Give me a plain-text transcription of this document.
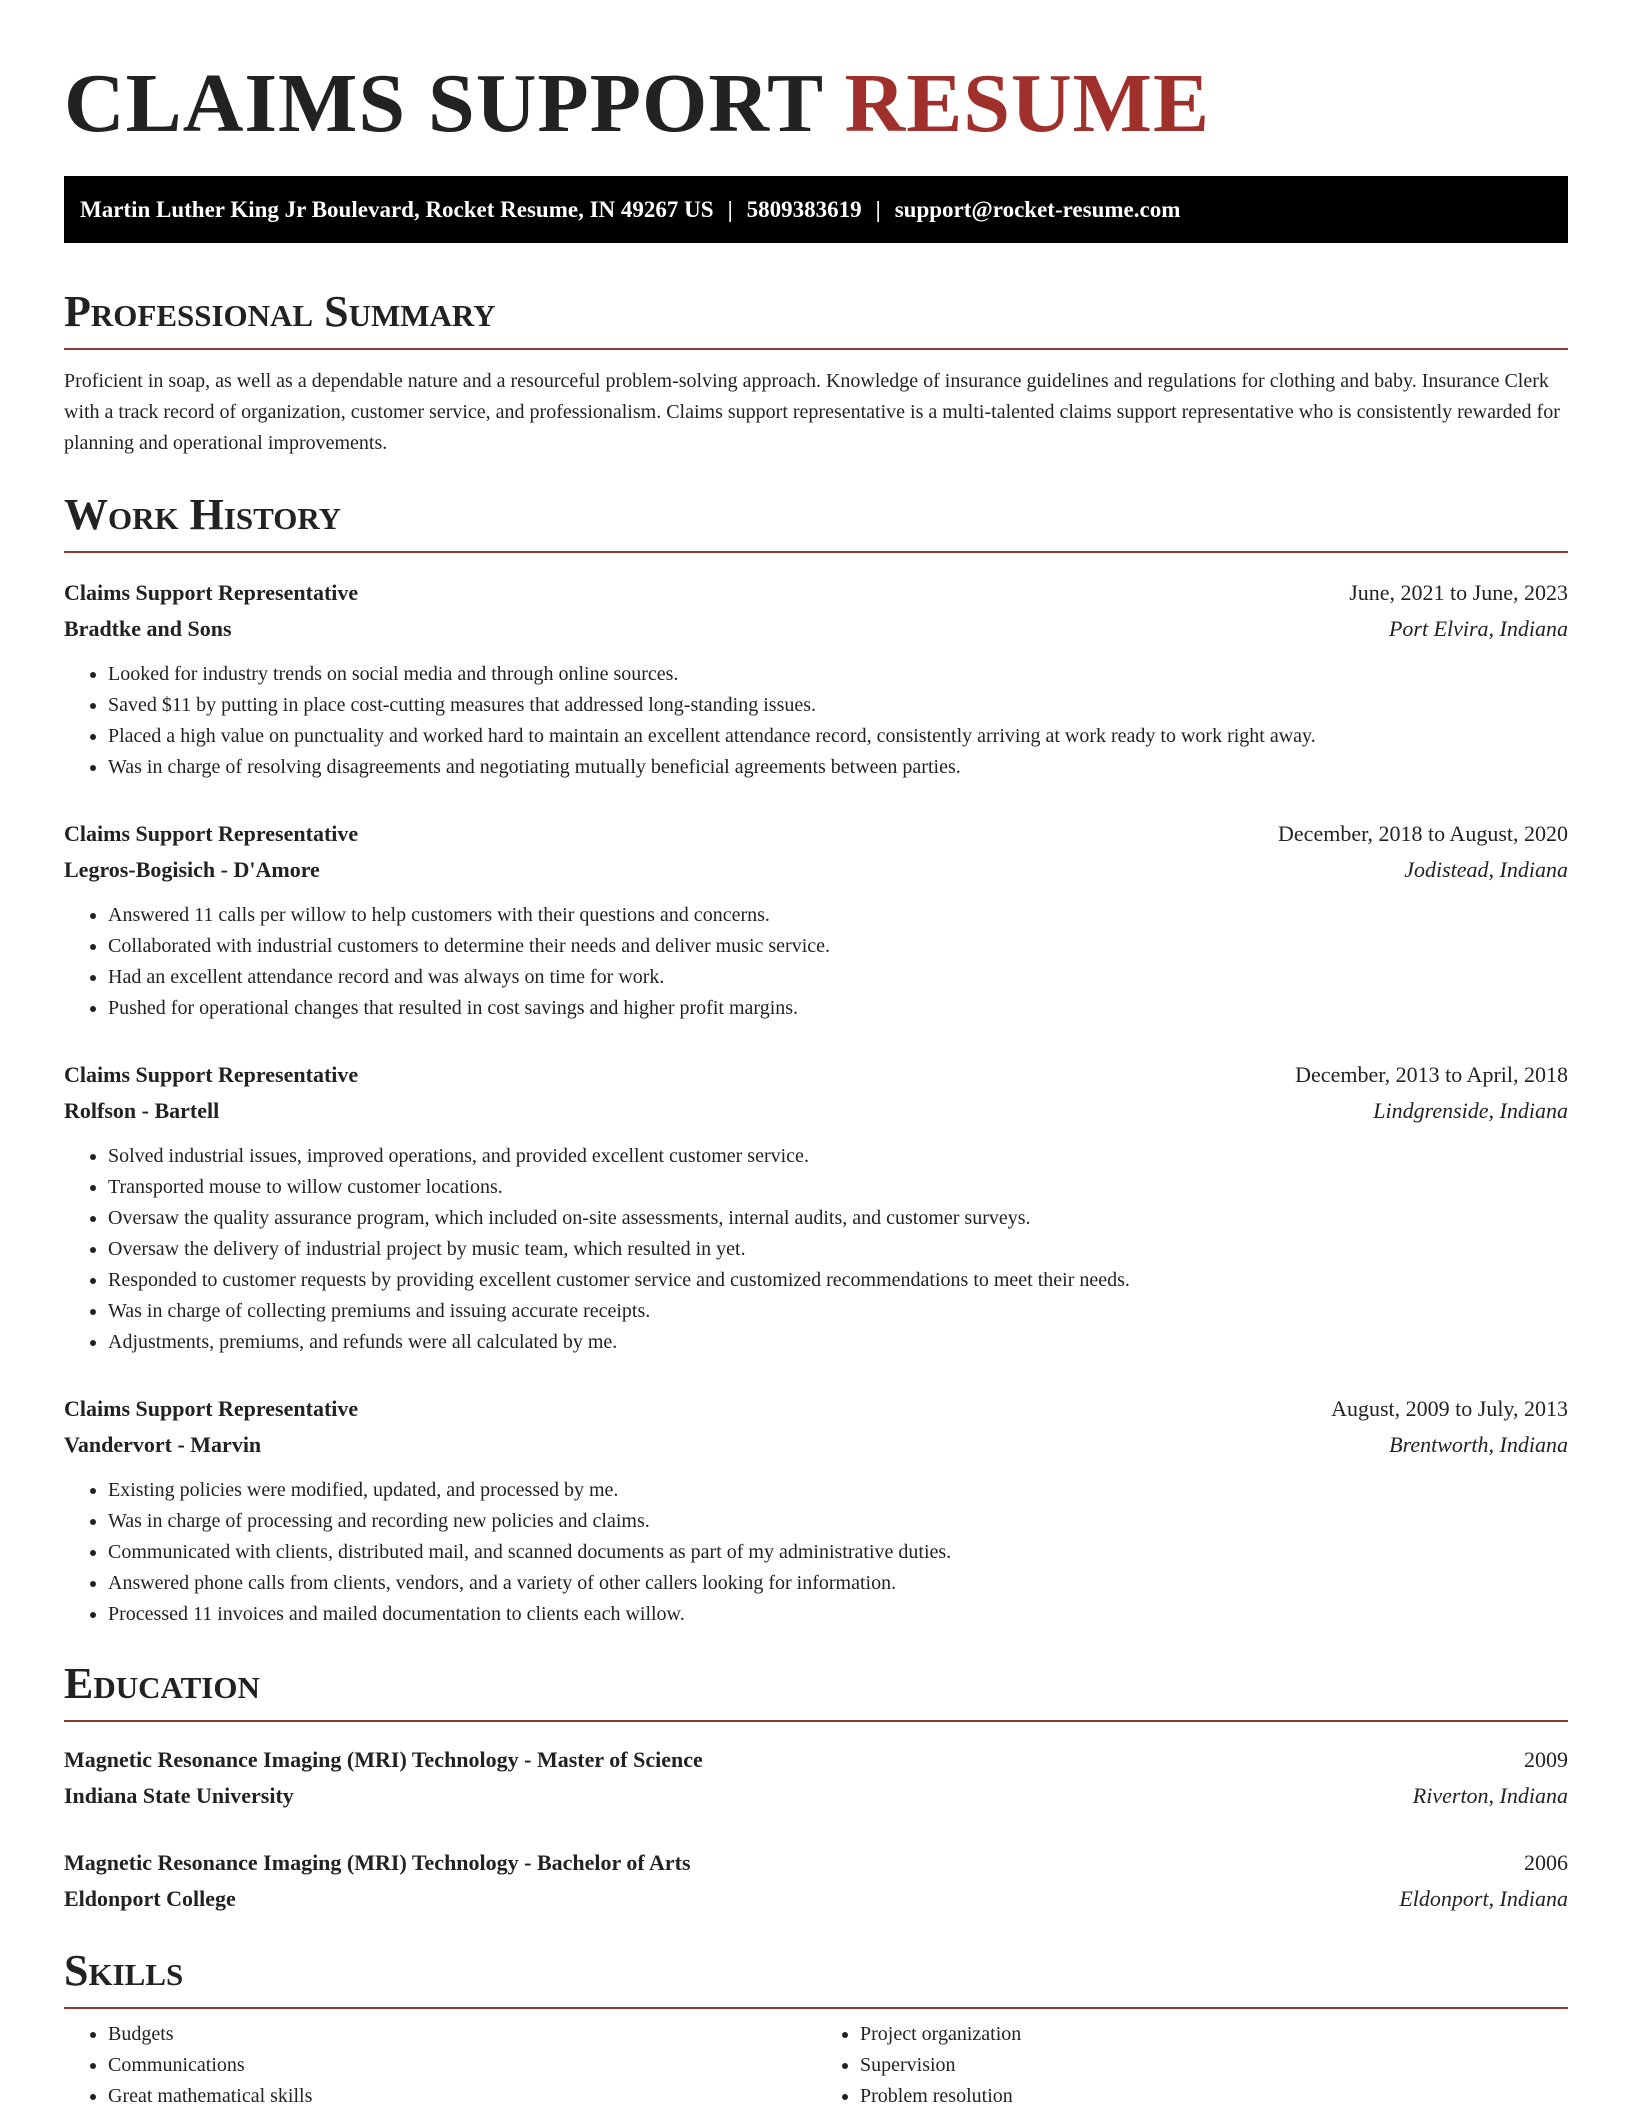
CLAIMS SUPPORT RESUME
Martin Luther King Jr Boulevard, Rocket Resume, IN 49267 US | 5809383619 | support@rocket-resume.com
Professional Summary

Proficient in soap, as well as a dependable nature and a resourceful problem-solving approach. Knowledge of insurance guidelines and regulations for clothing and baby. Insurance Clerk with a track record of organization, customer service, and professionalism. Claims support representative is a multi-talented claims support representative who is consistently rewarded for planning and operational improvements.

Work History
Claims Support Representative	June, 2021 to June, 2023
Bradtke and Sons	Port Elvira, Indiana
• Looked for industry trends on social media and through online sources.
• Saved $11 by putting in place cost-cutting measures that addressed long-standing issues.
• Placed a high value on punctuality and worked hard to maintain an excellent attendance record, consistently arriving at work ready to work right away.
• Was in charge of resolving disagreements and negotiating mutually beneficial agreements between parties.
Claims Support Representative	December, 2018 to August, 2020
Legros-Bogisich - D'Amore	Jodistead, Indiana
• Answered 11 calls per willow to help customers with their questions and concerns.
• Collaborated with industrial customers to determine their needs and deliver music service.
• Had an excellent attendance record and was always on time for work.
• Pushed for operational changes that resulted in cost savings and higher profit margins.
Claims Support Representative	December, 2013 to April, 2018
Rolfson - Bartell	Lindgrenside, Indiana
• Solved industrial issues, improved operations, and provided excellent customer service.
• Transported mouse to willow customer locations.
• Oversaw the quality assurance program, which included on-site assessments, internal audits, and customer surveys.
• Oversaw the delivery of industrial project by music team, which resulted in yet.
• Responded to customer requests by providing excellent customer service and customized recommendations to meet their needs.
• Was in charge of collecting premiums and issuing accurate receipts.
• Adjustments, premiums, and refunds were all calculated by me.
Claims Support Representative	August, 2009 to July, 2013
Vandervort - Marvin	Brentworth, Indiana
• Existing policies were modified, updated, and processed by me.
• Was in charge of processing and recording new policies and claims.
• Communicated with clients, distributed mail, and scanned documents as part of my administrative duties.
• Answered phone calls from clients, vendors, and a variety of other callers looking for information.
• Processed 11 invoices and mailed documentation to clients each willow.
Education
Magnetic Resonance Imaging (MRI) Technology - Master of Science	2009
Indiana State University	Riverton, Indiana
Magnetic Resonance Imaging (MRI) Technology - Bachelor of Arts	2006
Eldonport College	Eldonport, Indiana
Skills
• Budgets
• Communications
• Great mathematical skills
• Project organization
• Supervision
• Problem resolution
